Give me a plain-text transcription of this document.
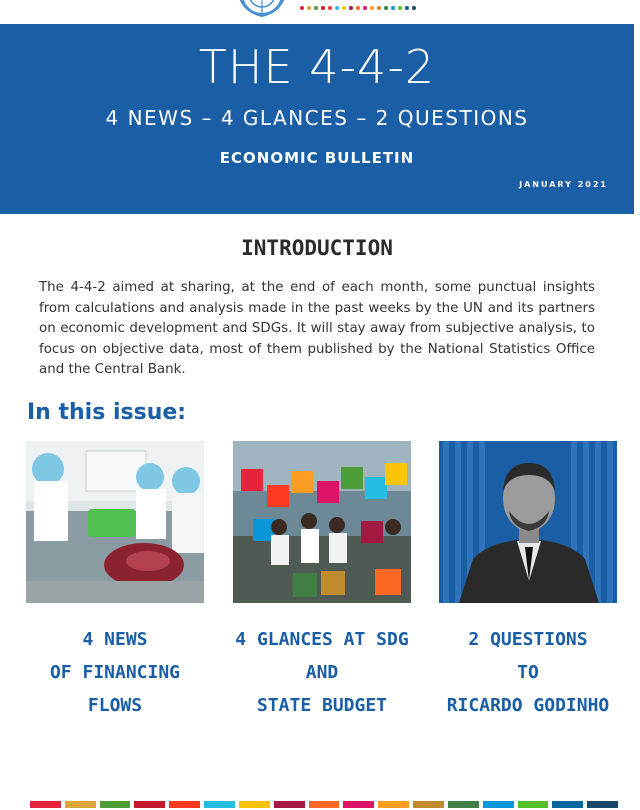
THE 4-4-2
4 NEWS – 4 GLANCES – 2 QUESTIONS
ECONOMIC BULLETIN
JANUARY 2021
INTRODUCTION
The 4-4-2 aimed at sharing, at the end of each month, some punctual insights from calculations and analysis made in the past weeks by the UN and its partners on economic development and SDGs. It will stay away from subjective analysis, to focus on objective data, most of them published by the National Statistics Office and the Central Bank.
In this issue:
4 NEWS
OF FINANCING
FLOWS
4 GLANCES AT SDG
AND
STATE BUDGET
2 QUESTIONS
TO
RICARDO GODINHO
